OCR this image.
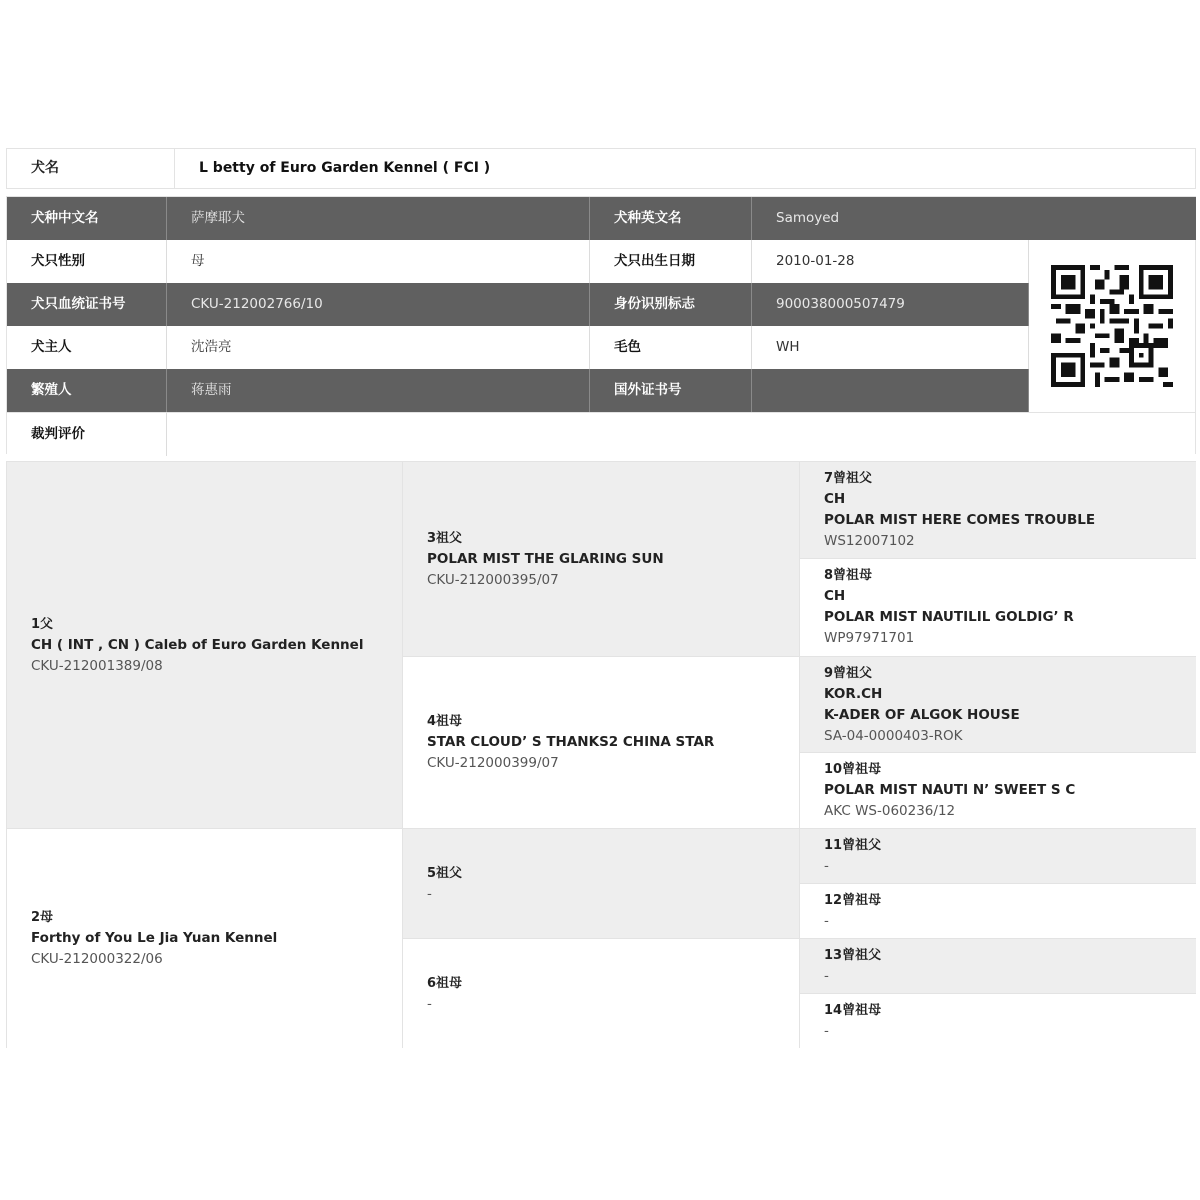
犬名	L betty of Euro Garden Kennel ( FCI )
犬种中文名	萨摩耶犬	犬种英文名	Samoyed
犬只性别	母	犬只出生日期	2010-01-28
犬只血统证书号	CKU-212002766/10	身份识别标志	900038000507479
犬主人	沈浩亮	毛色	WH
繁殖人	蒋惠雨	国外证书号
裁判评价
1父
CH ( INT , CN ) Caleb of Euro Garden Kennel
CKU-212001389/08
2母
Forthy of You Le Jia Yuan Kennel
CKU-212000322/06
3祖父
POLAR MIST THE GLARING SUN
CKU-212000395/07
4祖母
STAR CLOUD’ S THANKS2 CHINA STAR
CKU-212000399/07
5祖父
-
6祖母
-
7曾祖父
CH
POLAR MIST HERE COMES TROUBLE
WS12007102
8曾祖母
CH
POLAR MIST NAUTILIL GOLDIG’ R
WP97971701
9曾祖父
KOR.CH
K-ADER OF ALGOK HOUSE
SA-04-0000403-ROK
10曾祖母
POLAR MIST NAUTI N’ SWEET S C
AKC WS-060236/12
11曾祖父
-
12曾祖母
-
13曾祖父
-
14曾祖母
-
